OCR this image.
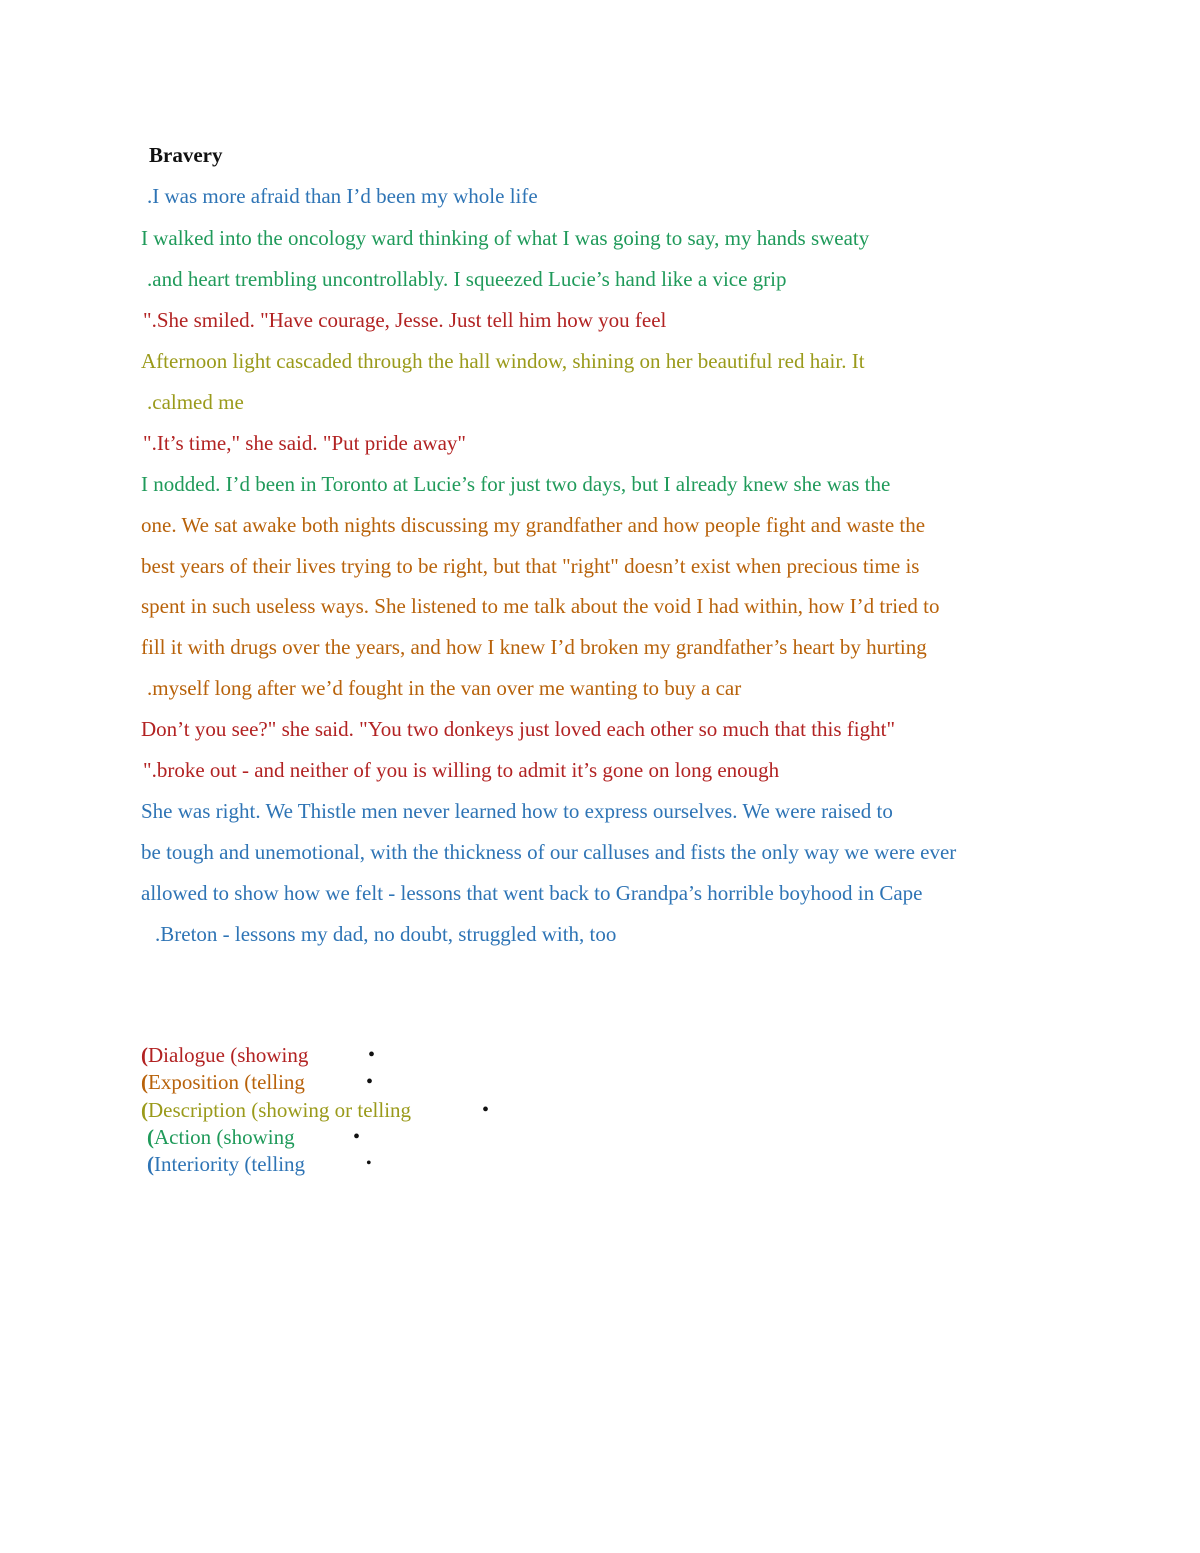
Bravery
.I was more afraid than I’d been my whole life
I walked into the oncology ward thinking of what I was going to say, my hands sweaty
.and heart trembling uncontrollably. I squeezed Lucie’s hand like a vice grip
".She smiled. "Have courage, Jesse. Just tell him how you feel
Afternoon light cascaded through the hall window, shining on her beautiful red hair. It
.calmed me
".It’s time," she said. "Put pride away"
I nodded. I’d been in Toronto at Lucie’s for just two days, but I already knew she was the
one. We sat awake both nights discussing my grandfather and how people fight and waste the
best years of their lives trying to be right, but that "right" doesn’t exist when precious time is
spent in such useless ways. She listened to me talk about the void I had within, how I’d tried to
fill it with drugs over the years, and how I knew I’d broken my grandfather’s heart by hurting
.myself long after we’d fought in the van over me wanting to buy a car
Don’t you see?" she said. "You two donkeys just loved each other so much that this fight"
".broke out - and neither of you is willing to admit it’s gone on long enough
She was right. We Thistle men never learned how to express ourselves. We were raised to
be tough and unemotional, with the thickness of our calluses and fists the only way we were ever
allowed to show how we felt - lessons that went back to Grandpa’s horrible boyhood in Cape
.Breton - lessons my dad, no doubt, struggled with, too
(Dialogue (showing	•
(Exposition (telling	•
(Description (showing or telling	•
(Action (showing	•
(Interiority (telling	•
